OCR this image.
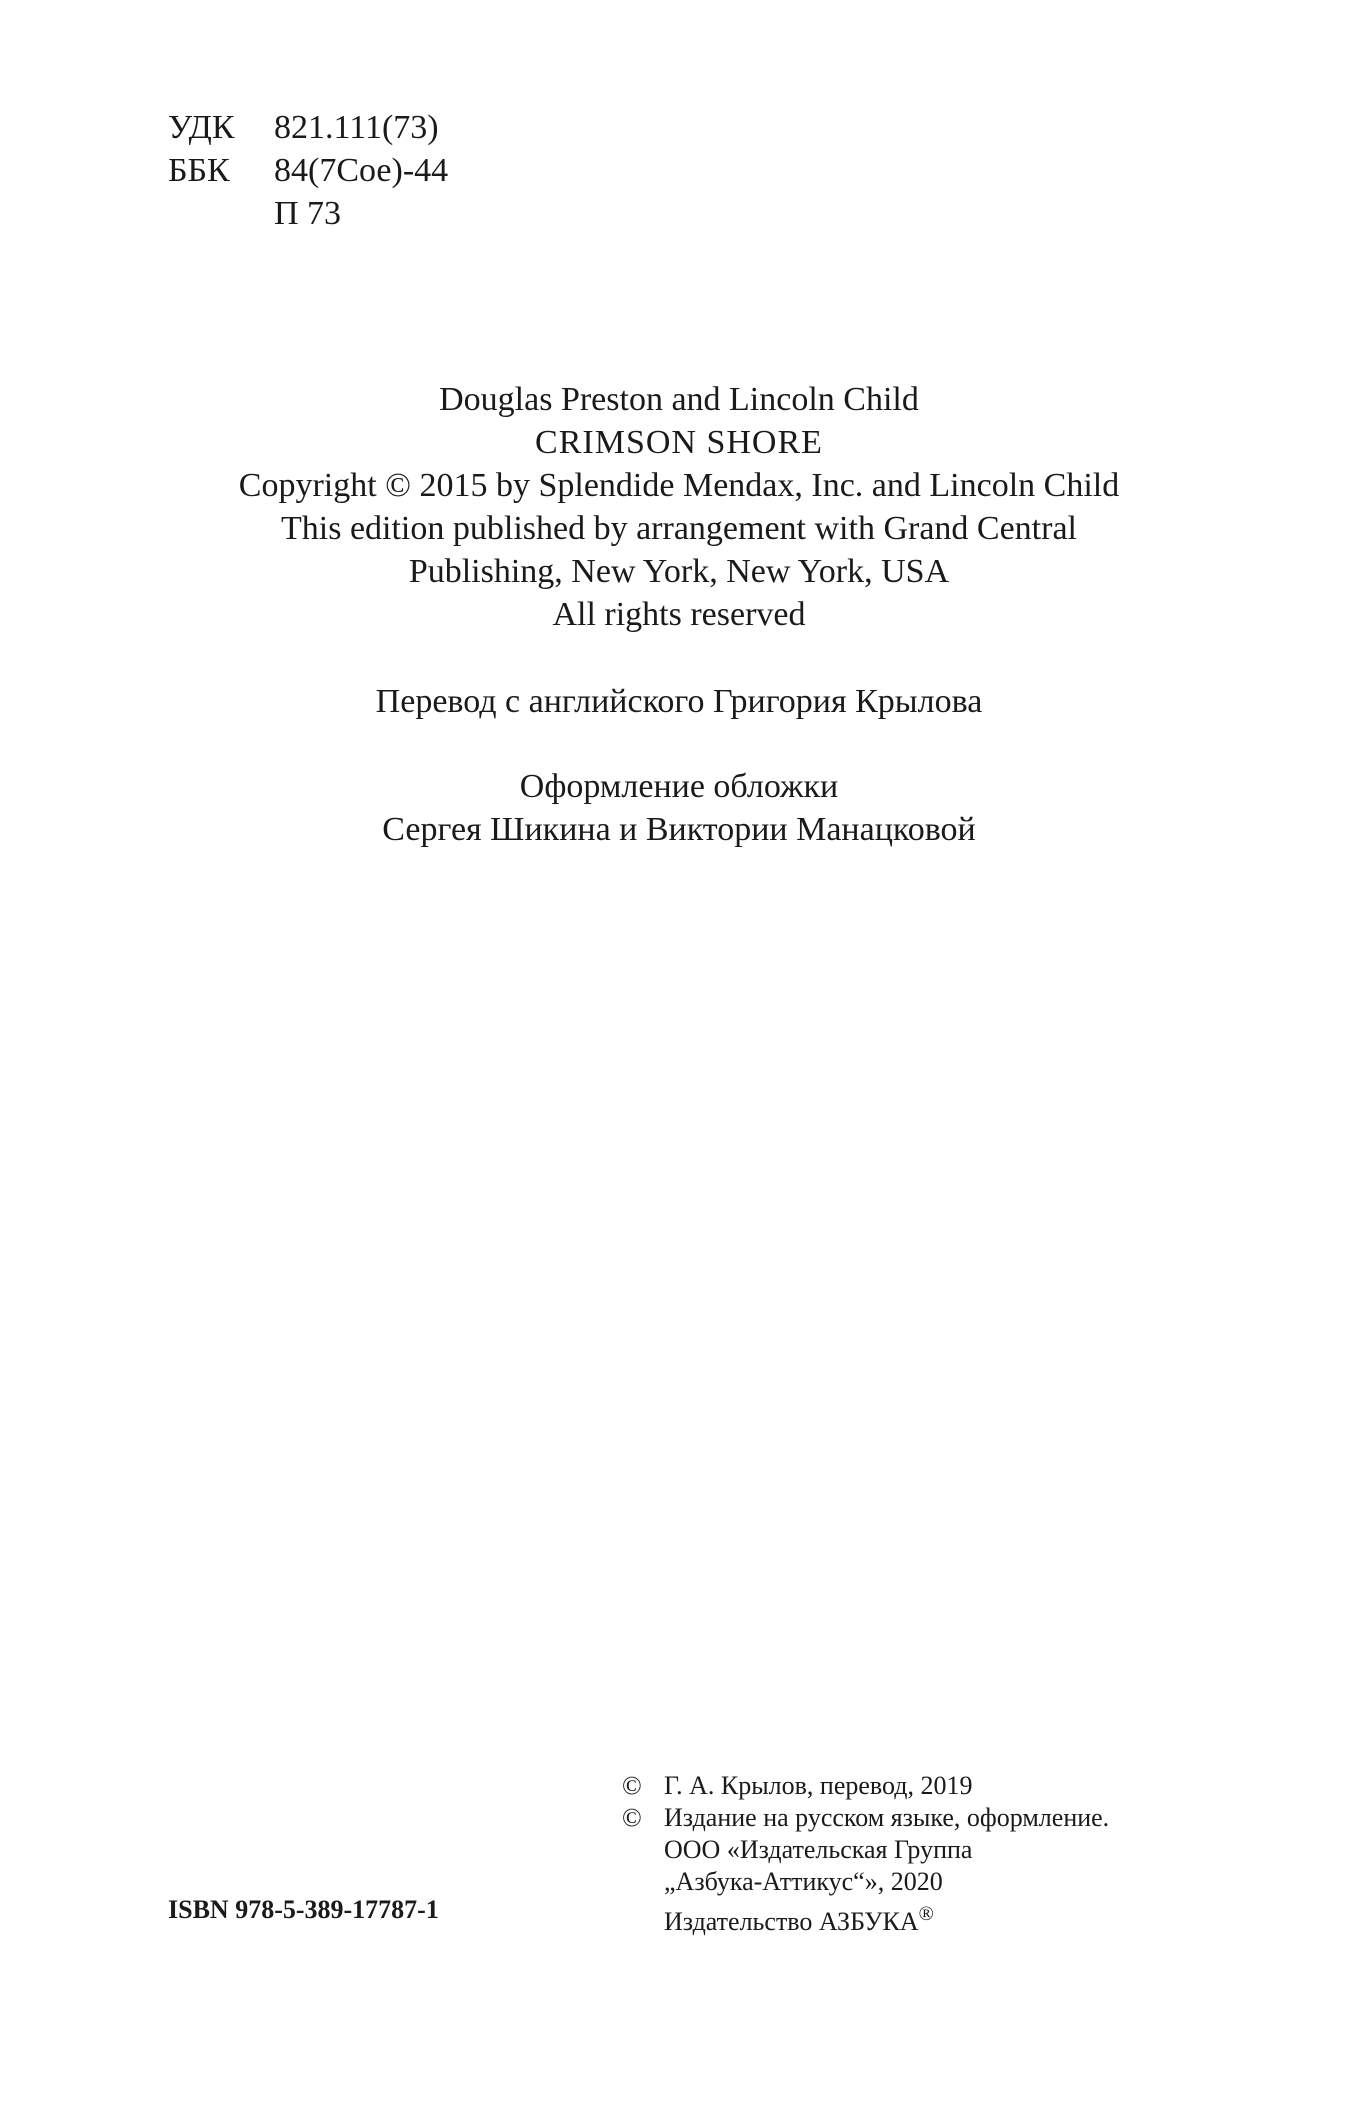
УДК 821.111(73)
ББК 84(7Сое)-44
П 73
Douglas Preston and Lincoln Child
CRIMSON SHORE
Copyright © 2015 by Splendide Mendax, Inc. and Lincoln Child
This edition published by arrangement with Grand Central
Publishing, New York, New York, USA
All rights reserved
Перевод с английского Григория Крылова
Оформление обложки
Сергея Шикина и Виктории Манацковой
ISBN 978-5-389-17787-1
© Г. А. Крылов, перевод, 2019
© Издание на русском языке, оформление.
ООО «Издательская Группа
„Азбука-Аттикус“», 2020
Издательство АЗБУКА®
